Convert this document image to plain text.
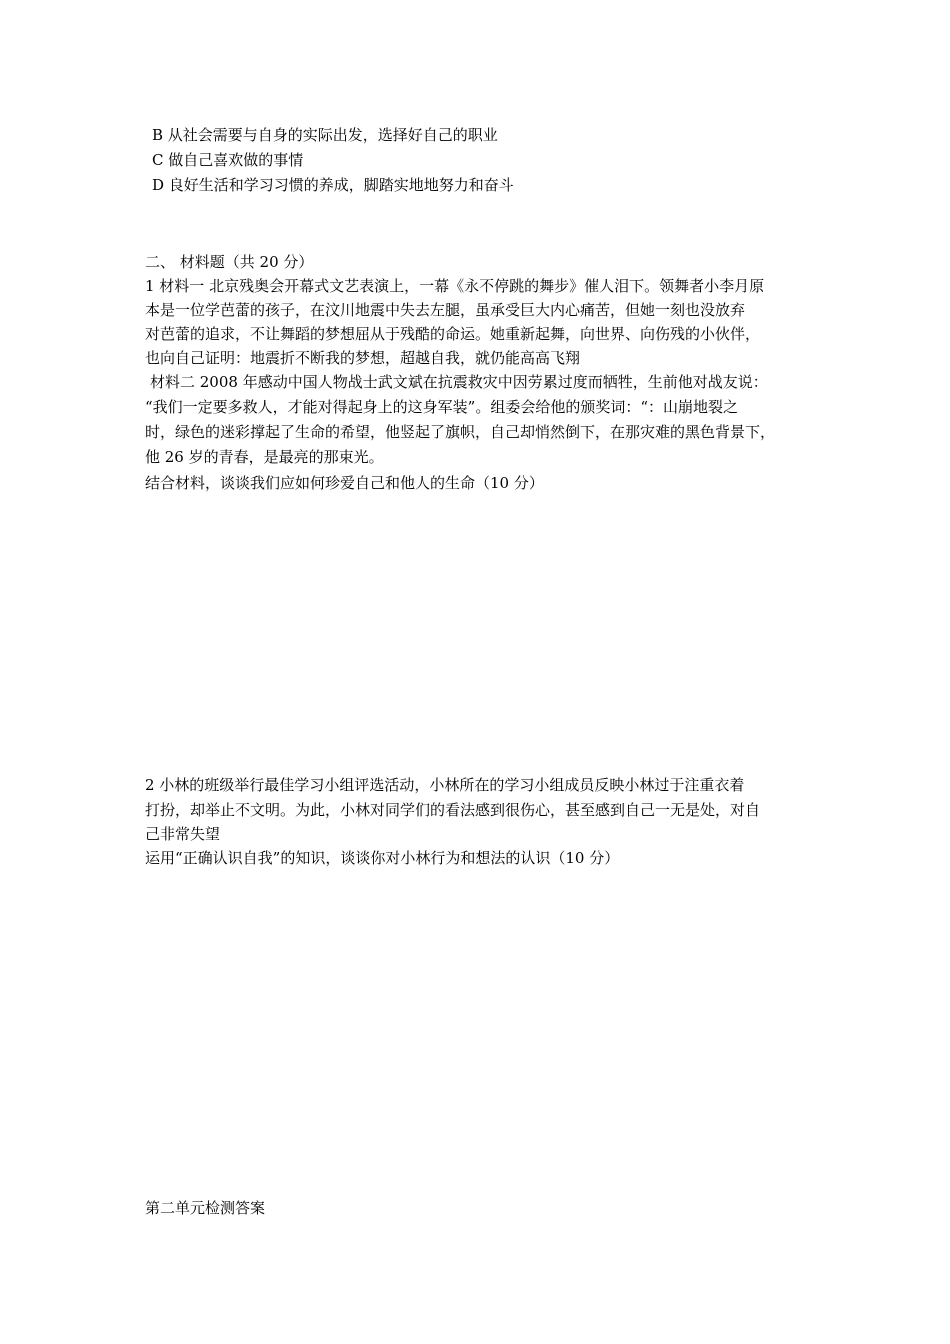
B 从社会需要与自身的实际出发，选择好自己的职业
C 做自己喜欢做的事情
D 良好生活和学习习惯的养成，脚踏实地地努力和奋斗
二、 材料题（共 20 分）
1 材料一 北京残奥会开幕式文艺表演上，一幕《永不停跳的舞步》催人泪下。领舞者小李月原
本是一位学芭蕾的孩子，在汶川地震中失去左腿，虽承受巨大内心痛苦，但她一刻也没放弃
对芭蕾的追求，不让舞蹈的梦想屈从于残酷的命运。她重新起舞，向世界、向伤残的小伙伴，
也向自己证明：地震折不断我的梦想，超越自我，就仍能高高飞翔
材料二 2008 年感动中国人物战士武文斌在抗震救灾中因劳累过度而牺牲，生前他对战友说：
“我们一定要多救人，才能对得起身上的这身军装”。组委会给他的颁奖词：“：山崩地裂之
时，绿色的迷彩撑起了生命的希望，他竖起了旗帜，自己却悄然倒下，在那灾难的黑色背景下，
他 26 岁的青春，是最亮的那束光。
结合材料，谈谈我们应如何珍爱自己和他人的生命（10 分）
2 小林的班级举行最佳学习小组评选活动，小林所在的学习小组成员反映小林过于注重衣着
打扮，却举止不文明。为此，小林对同学们的看法感到很伤心，甚至感到自己一无是处，对自
己非常失望
运用“正确认识自我”的知识，谈谈你对小林行为和想法的认识（10 分）
第二单元检测答案
